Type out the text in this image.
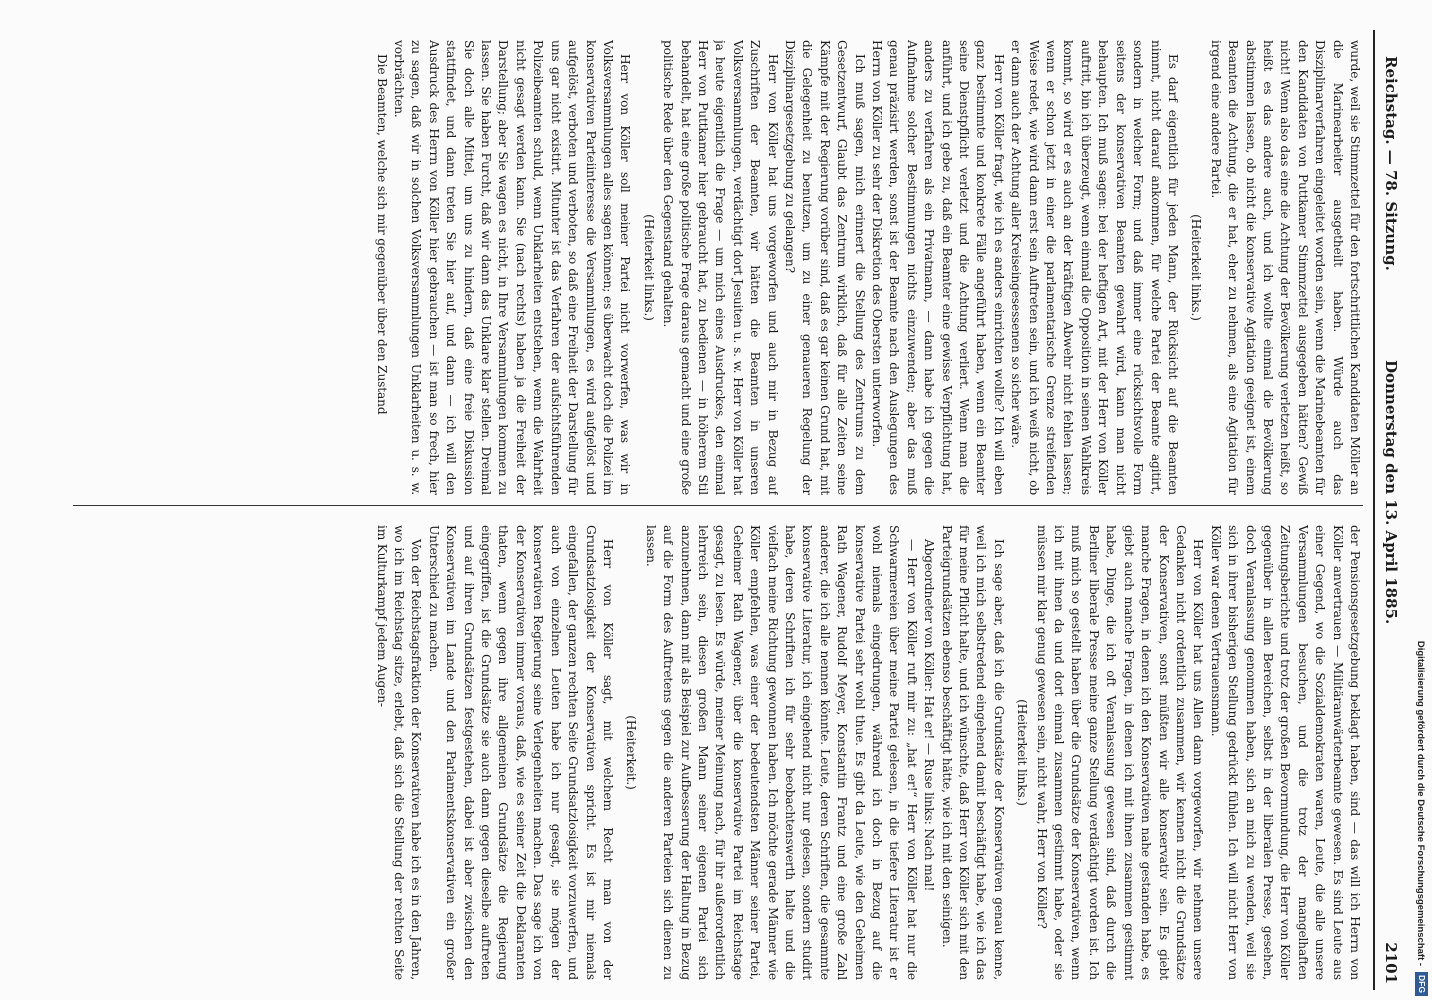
Reichstag. — 78. Sitzung.
Donnerstag den 13. April 1885.
2101

wurde, weil sie Stimmzettel für den fortschrittlichen Kandidaten Möller an die Marinearbeiter ausgetheilt haben. Würde auch das Disziplinarverfahren eingeleitet worden sein, wenn die Marinebeamten für den Kandidaten von Puttkamer Stimmzettel ausgegeben hätten? Gewiß nicht! Wenn also das eine die Achtung der Bevölkerung verletzen heißt, so heißt es das andere auch, und ich wollte einmal die Bevölkerung abstimmen lassen, ob nicht die konservative Agitation geeignet ist, einem Beamten die Achtung, die er hat, eher zu nehmen, als eine Agitation für irgend eine andere Partei.

(Heiterkeit links.)

Es darf eigentlich für jeden Mann, der Rücksicht auf die Beamten nimmt, nicht darauf ankommen, für welche Partei der Beamte agitirt, sondern in welcher Form; und daß immer eine rücksichtsvolle Form seitens der konservativen Beamten gewahrt wird, kann man nicht behaupten. Ich muß sagen: bei der heftigen Art, mit der Herr von Köller auftritt, bin ich überzeugt, wenn einmal die Opposition in seinen Wahlkreis kommt, so wird er es auch an der kräftigen Abwehr nicht fehlen lassen; wenn er schon jetzt in einer die parlamentarische Grenze streifenden Weise redet, wie wird dann erst sein Auftreten sein, und ich weiß nicht, ob er dann auch der Achtung aller Kreiseingesessenen so sicher wäre.

Herr von Köller fragt, wie ich es anders einrichten wollte? Ich will eben ganz bestimmte und konkrete Fälle angeführt haben, wenn ein Beamter seine Dienstpflicht verletzt und die Achtung verliert. Wenn man die anführt, und ich gebe zu, daß ein Beamter eine gewisse Verpflichtung hat, anders zu verfahren als ein Privatmann, — dann habe ich gegen die Aufnahme solcher Bestimmungen nichts einzuwenden; aber das muß genau präzisirt werden, sonst ist der Beamte nach den Auslegungen des Herrn von Köller zu sehr der Diskretion des Obersten unterworfen.

Ich muß sagen, mich erinnert die Stellung des Zentrums zu dem Gesetzentwurf, Glaubt das Zentrum wirklich, daß für alle Zeiten seine Kämpfe mit der Regierung vorüber sind, daß es gar keinen Grund hat, mit die Gelegenheit zu benutzen, um zu einer genaueren Regelung der Disziplinargesetzgebung zu gelangen?

Herr von Köller hat uns vorgeworfen und auch mir in Bezug auf Zuschriften der Beamten, wir hätten die Beamten in unseren Volksversammlungen, verdächtigt dort Jesuiten u. s. w. Herr von Köller hat ja heute eigentlich die Frage — um mich eines Ausdruckes, den einmal Herr von Puttkamer hier gebraucht hat, zu bedienen — in höherem Stil behandelt, hat eine große politische Frage daraus gemacht und eine große politische Rede über den Gegenstand gehalten.

(Heiterkeit links.)

Herr von Köller soll meiner Partei nicht vorwerfen, was wir in Volksversammlungen alles sagen können; es überwacht doch die Polizei im konservativen Parteiinteresse die Versammlungen, es wird aufgelöst und aufgelöst, verboten und verboten, so daß eine Freiheit der Darstellung für uns gar nicht existirt. Mitunter ist das Verfahren der aufsichtsführenden Polizeibeamten schuld, wenn Unklarheiten entstehen, wenn die Wahrheit nicht gesagt werden kann. Sie (nach rechts) haben ja die Freiheit der Darstellung; aber Sie wagen es nicht, in Ihre Versammlungen kommen zu lassen. Sie haben Furcht, daß wir dann das Unklare klar stellen. Dreimal Sie doch alle Mittel, um uns zu hindern, daß eine freie Diskussion stattfindet, und dann treten Sie hier auf, und dann — ich will den Ausdruck des Herrn von Köller hier gebrauchen — ist man so frech, hier zu sagen, daß wir in solchen Volksversammlungen Unklarheiten u. s. w. vorbrächten.

Die Beamten, welche sich mir gegenüber über den Zustand

der Pensionsgesetzgebung beklagt haben, sind — das will ich Herrn von Köller anvertrauen — Militäranwärterbeamte gewesen. Es sind Leute aus einer Gegend, wo die Sozialdemokraten waren, Leute, die alle unsere Versammlungen besuchen, und die trotz der mangelhaften Zeitungsberichte und trotz der großen Bevormundung, die Herr von Köller gegenüber in allen Bereichen, selbst in der liberalen Presse, gesehen, doch Veranlassung genommen haben, sich an mich zu wenden, weil sie sich in ihrer bisherigen Stellung gedrückt fühlen. Ich will nicht Herr von Köller war denen Vertrauensmann.

Herr von Köller hat uns Allen dann vorgeworfen, wir nehmen unsere Gedanken nicht ordentlich zusammen, wir kennen nicht die Grundsätze der Konservativen, sonst müßten wir alle konservativ sein. Es giebt manche Fragen, in denen ich den Konservativen nahe gestanden habe, es giebt auch manche Fragen, in denen ich mit ihnen zusammen gestimmt habe, Dinge, die ich oft Veranlassung gewesen sind, daß durch die Berliner liberale Presse meine ganze Stellung verdächtigt worden ist. Ich muß mich so gestellt haben über die Grundsätze der Konservativen, wenn ich mit ihnen da und dort einmal zusammen gestimmt habe, oder sie müssen mir klar genug gewesen sein, nicht wahr, Herr von Köller?

(Heiterkeit links.)

Ich sage aber, daß ich die Grundsätze der Konservativen genau kenne, weil ich mich selbstredend eingehend damit beschäftigt habe, wie ich das für meine Pflicht halte, und ich wünschte, daß Herr von Köller sich mit den Parteigrundsätzen ebenso beschäftigt hätte, wie ich mit den seinigen.

Abgeordneter von Köller: Hat er! — Ruse links: Nach mal!

— Herr von Köller ruft mir zu: „hat er!“ Herr von Köller hat nur die Schwarmereien über meine Partei gelesen, in die tiefere Literatur ist er wohl niemals eingedrungen, während ich doch in Bezug auf die konservative Partei sehr wohl thue. Es gibt da Leute, wie den Geheimen Rath Wagener, Rudolf Meyer, Konstantin Frantz und eine große Zahl anderer, die ich alle nennen könnte. Leute, deren Schriften, die gesammte konservative Literatur, ich eingehend nicht nur gelesen, sondern studirt habe, deren Schriften ich für sehr beobachtenswerth halte und die vielfach meine Richtung gewonnen haben. Ich möchte gerade Männer wie Köller empfehlen, was einer der bedeutendsten Männer seiner Partei, Geheimer Rath Wagener, über die konservative Partei im Reichstage gesagt, zu lesen. Es würde, meiner Meinung nach, für ihr außerordentlich lehrreich sein, diesen großen Mann seiner eigenen Partei sich anzunehmen, dann mit als Beispiel zur Aufbesserung der Haltung in Bezug auf die Form des Auftretens gegen die anderen Parteien sich dienen zu lassen.

(Heiterkeit.)

Herr von Köller sagt, mit welchem Recht man von der Grundsatzlosigkeit der Konservativen spricht. Es ist mir niemals eingefallen, der ganzen rechten Seite Grundsatzlosigkeit vorzuwerfen, und auch von einzelnen Leuten habe ich nur gesagt, sie mögen der konservativen Regierung seine Verlegenheiten machen. Das sage ich von der Konservativen immer voraus, daß, wie es seiner Zeit die Deklaranten thaten, wenn gegen ihre allgemeinen Grundsätze die Regierung eingegriffen, ist die Grundsätze sie auch dann gegen dieselbe auftreten und auf ihren Grundsätzen festgestehen, dabei ist aber zwischen den Konservativen im Lande und den Parlamentskonservativen ein großer Unterschied zu machen.

Von der Reichstagsfraktion der Konservativen habe ich es in den Jahren, wo ich im Reichstag sitze, erlebt, daß sich die Stellung der rechten Seite im Kulturkampf jedem Augen-

Digitalisierung gefördert durch die Deutsche Forschungsgemeinschaft -DFG
